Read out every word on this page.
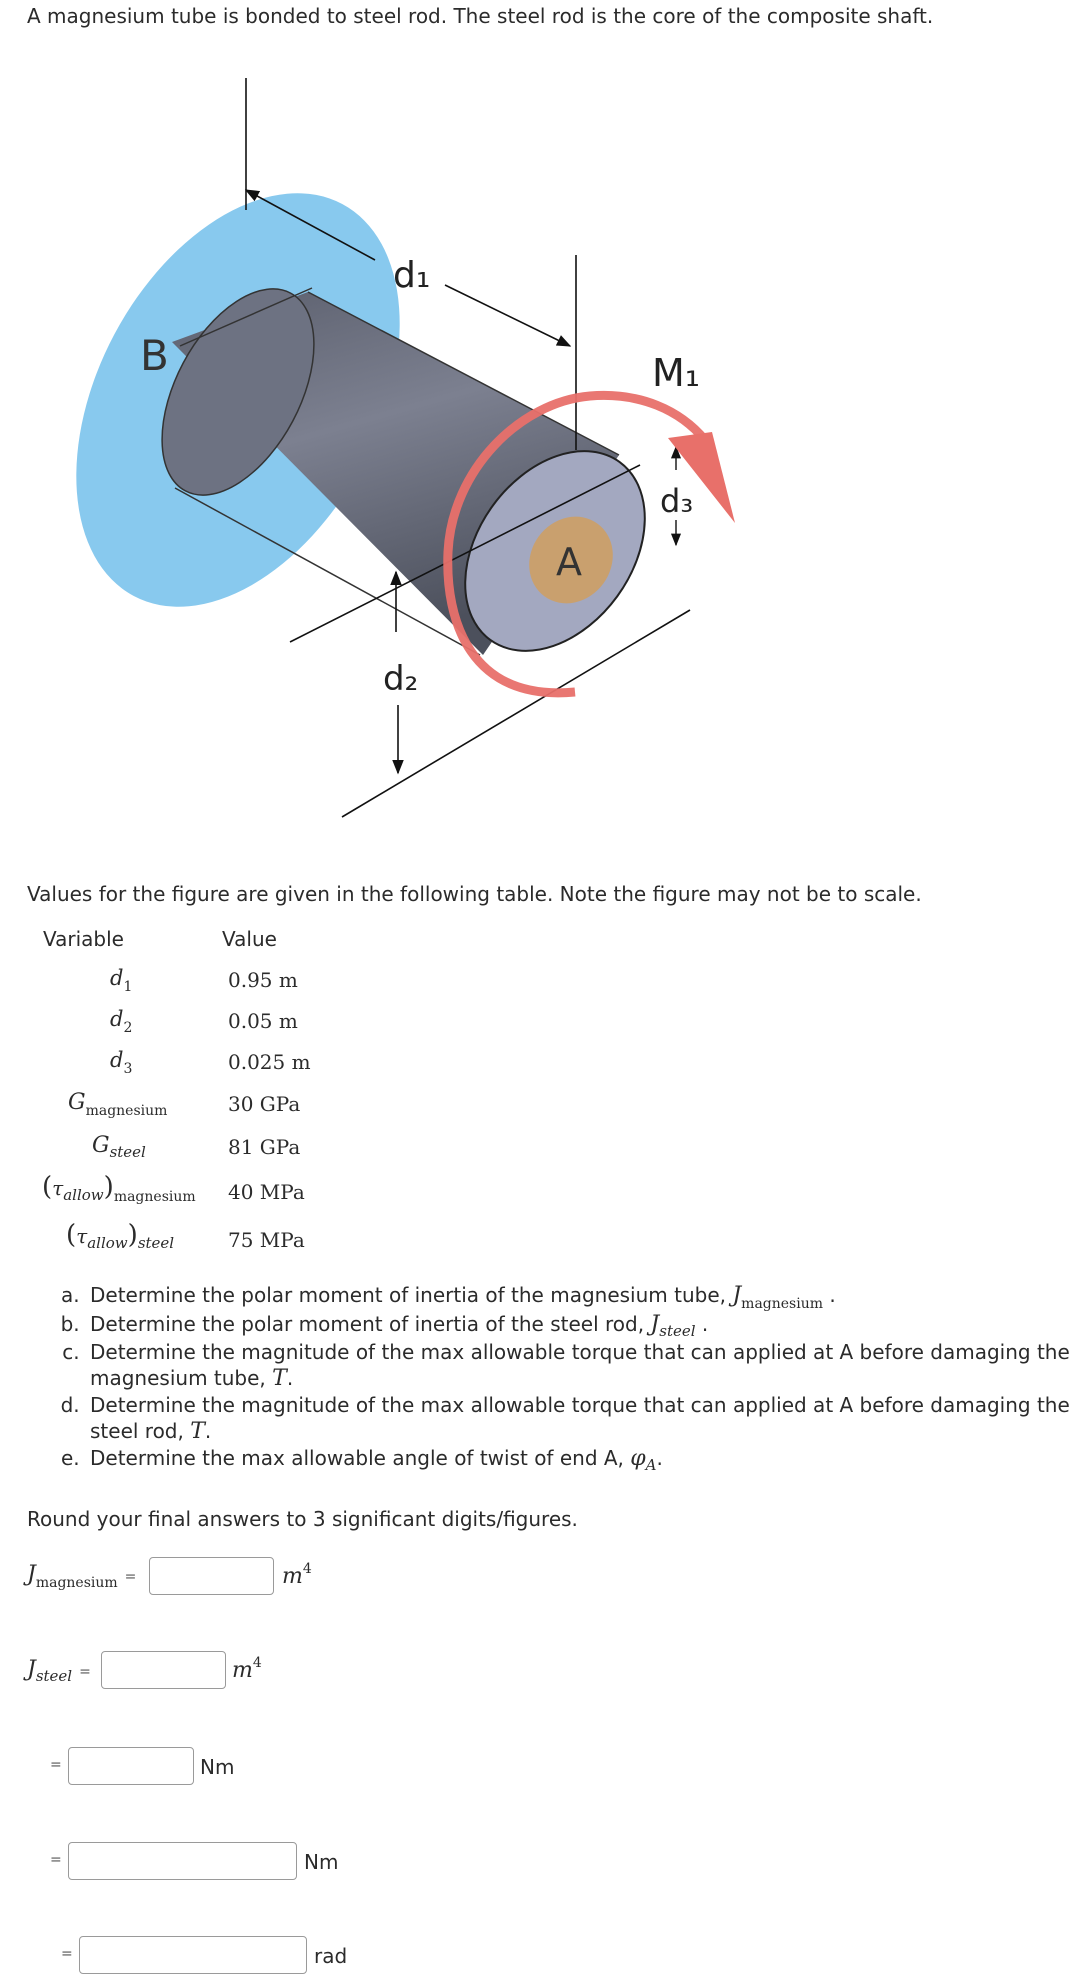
A magnesium tube is bonded to steel rod. The steel rod is the core of the composite shaft.
B
d₁
M₁
d₃
A
d₂
Values for the figure are given in the following table. Note the figure may not be to scale.
Variable	Value
$d_1$	0.95 m
$d_2$	0.05 m
$d_3$	0.025 m
$G_{magnesium}$	30 GPa
$G_{steel}$	81 GPa
$(\tau_{allow})_{magnesium}$ 40 MPa
$(\tau_{allow})_{steel}$	75 MPa
a. Determine the polar moment of inertia of the magnesium tube, $J_{magnesium}$ .
b. Determine the polar moment of inertia of the steel rod, $J_{steel}$ .
c. Determine the magnitude of the max allowable torque that can applied at A before damaging the magnesium tube, T.
d. Determine the magnitude of the max allowable torque that can applied at A before damaging the steel rod, T.
e. Determine the max allowable angle of twist of end A, $\varphi_A$.
Round your final answers to 3 significant digits/figures.
$J_{magnesium}$ =	$m^4$
$J_{steel}$ =	$m^4$
=	Nm
=	Nm
=	rad
